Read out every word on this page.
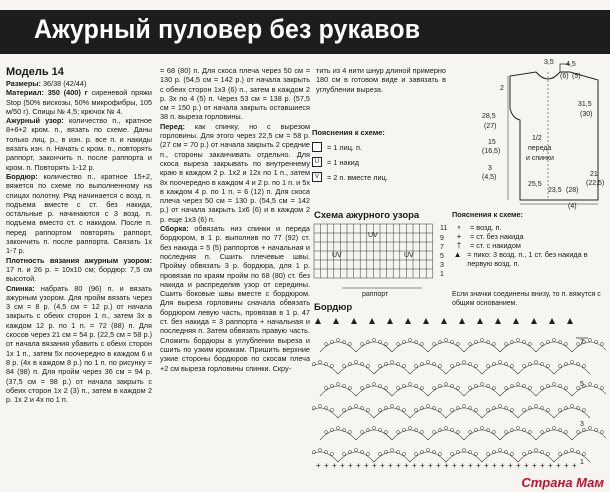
Ажурный пуловер без рукавов

Модель 14

Размеры: 36/38 (42/44)

Материал: 350 (400) г сиреневой пряжи Stop (50% вискозы, 50% микрофибры, 105 м/50 г). Спицы № 4,5; крючок № 4.

Ажурный узор: количество п., кратное 8+6+2 кром. п., вязать по схеме. Даны только лиц. р., в изн. р. все п. и накиды вязать изн. п. Начать с кром. п., повторять раппорт, закончить п. после раппорта и кром. п. Повторять 1-12 р.

Бордюр: количество п., кратное 15+2, вяжется по схеме по выполненному на спицах полотну. Ряд начинается с возд. п. подъема вместе с ст. без накида, остальные р. начинаются с 3 возд. п. подъема вместо ст. с накидом. После п. перед раппортом повторять раппорт, закончить п. после раппорта. Связать 1х 1-7 р.

Плотность вязания ажурным узором: 17 п. и 26 р. = 10х10 см; бордюр: 7,5 см высотой.

Спинка: набрать 80 (96) п. и вязать ажурным узором. Для пройм вязать через 3 см = 8 р. (4,5 см = 12 р.) от начала закрыть с обеих сторон 1 п., затем 3х в каждом 12 р. по 1 п. = 72 (88) п. Для скосов через 21 см = 54 р. (22,5 см = 58 р.) от начала вязания убавить с обеих сторон 1х 1 п., затем 5х поочередно в каждом 6 и 8 р. (4х в каждом 8 р.) по 1 п. по рисунку = 84 (98) п. Для пройм через 36 см = 94 р. (37,5 см = 98 р.) от начала закрыть с обеих сторон 1х 2 (3) п., затем в каждом 2 р. 1х 2 и 4х по 1 п.

= 68 (80) п. Для скоса плеча через 50 см = 130 р. (54,5 см = 142 р.) от начала закрыть с обеих сторон 1х3 (6) п., затем в каждом 2 р. 3х по 4 (5) п. Через 53 см = 138 р. (57,5 см = 150 р.) от начала закрыть оставшиеся 38 п. выреза горловины.

Перед: как спинку, но с вырезом горловины. Для этого через 22,5 см = 58 р. (27 см = 70 р.) от начала закрыть 2 средние п., стороны заканчивать отдельно. Для скоса выреза закрывать по внутреннему краю в каждом 2 р. 1х2 и 12х по 1 п., затем 8х поочередно в каждом 4 и 2 р. по 1 п. и 5х в каждом 4 р. по 1 п. = 6 (12) п. Для скоса плеча через 50 см = 130 р. (54,5 см = 142 р.) от начала закрыть 1х6 (6) и в каждом 2 р. еще 1х3 (6) п.

Сборка: обвязать низ спинки и переда бордюром, в 1 р. выполнив по 77 (92) ст. без накида = 5 (5) раппортов + начальная и последняя п. Сшить плечевые швы. Пройму обвязать 3 р. бордюра, для 1 р. провязав по краям пройм по 68 (80) ст. без накида и распределив узор от середины. Сшить боковые швы вместе с бордюром. Для выреза горловины сначала обвязать бордюром левую часть, провязав в 1 р. 47 ст. без накида = 3 раппорта + начальная и последняя п. Затем обвязать правую часть. Сложить бордюры в углублении выреза и сшить по узким кромкам. Пришить верхние узкие стороны бордюров по скосам плеча +2 см выреза горловины спинки. Скру-

тить из 4 нити шнур длиной примерно 180 см в готовом виде и завязать в углублении выреза.

Пояснения к схеме:
= 1 лиц. п.
U	= 1 накид
V	= 2 п. вместе лиц.
3,5 4,5
(6) (5)
2
28,5
(27)
31,5
(30)
15
(16,5)
3
(4,5)	21
(22,5)
23,5 (28)
1/2
переда
и спинки
25,5
(4)
Схема ажурного узора
11
9
7
5
3
1
UV
UV	UV
раппорт
Пояснения к схеме:
∘	= возд. п.
+	= ст. без накида
†	= ст. с накидом
▲ = пико: 3 возд. п., 1 ст. без накида в первую возд. п.
Если значки соединены внизу, то п. вяжутся с общим основанием.
Бордюр
+ + + + + + + + + + + + + + + + + + + + + + + + + + + + + + + + +
7
5
3
1
Страна Мам
